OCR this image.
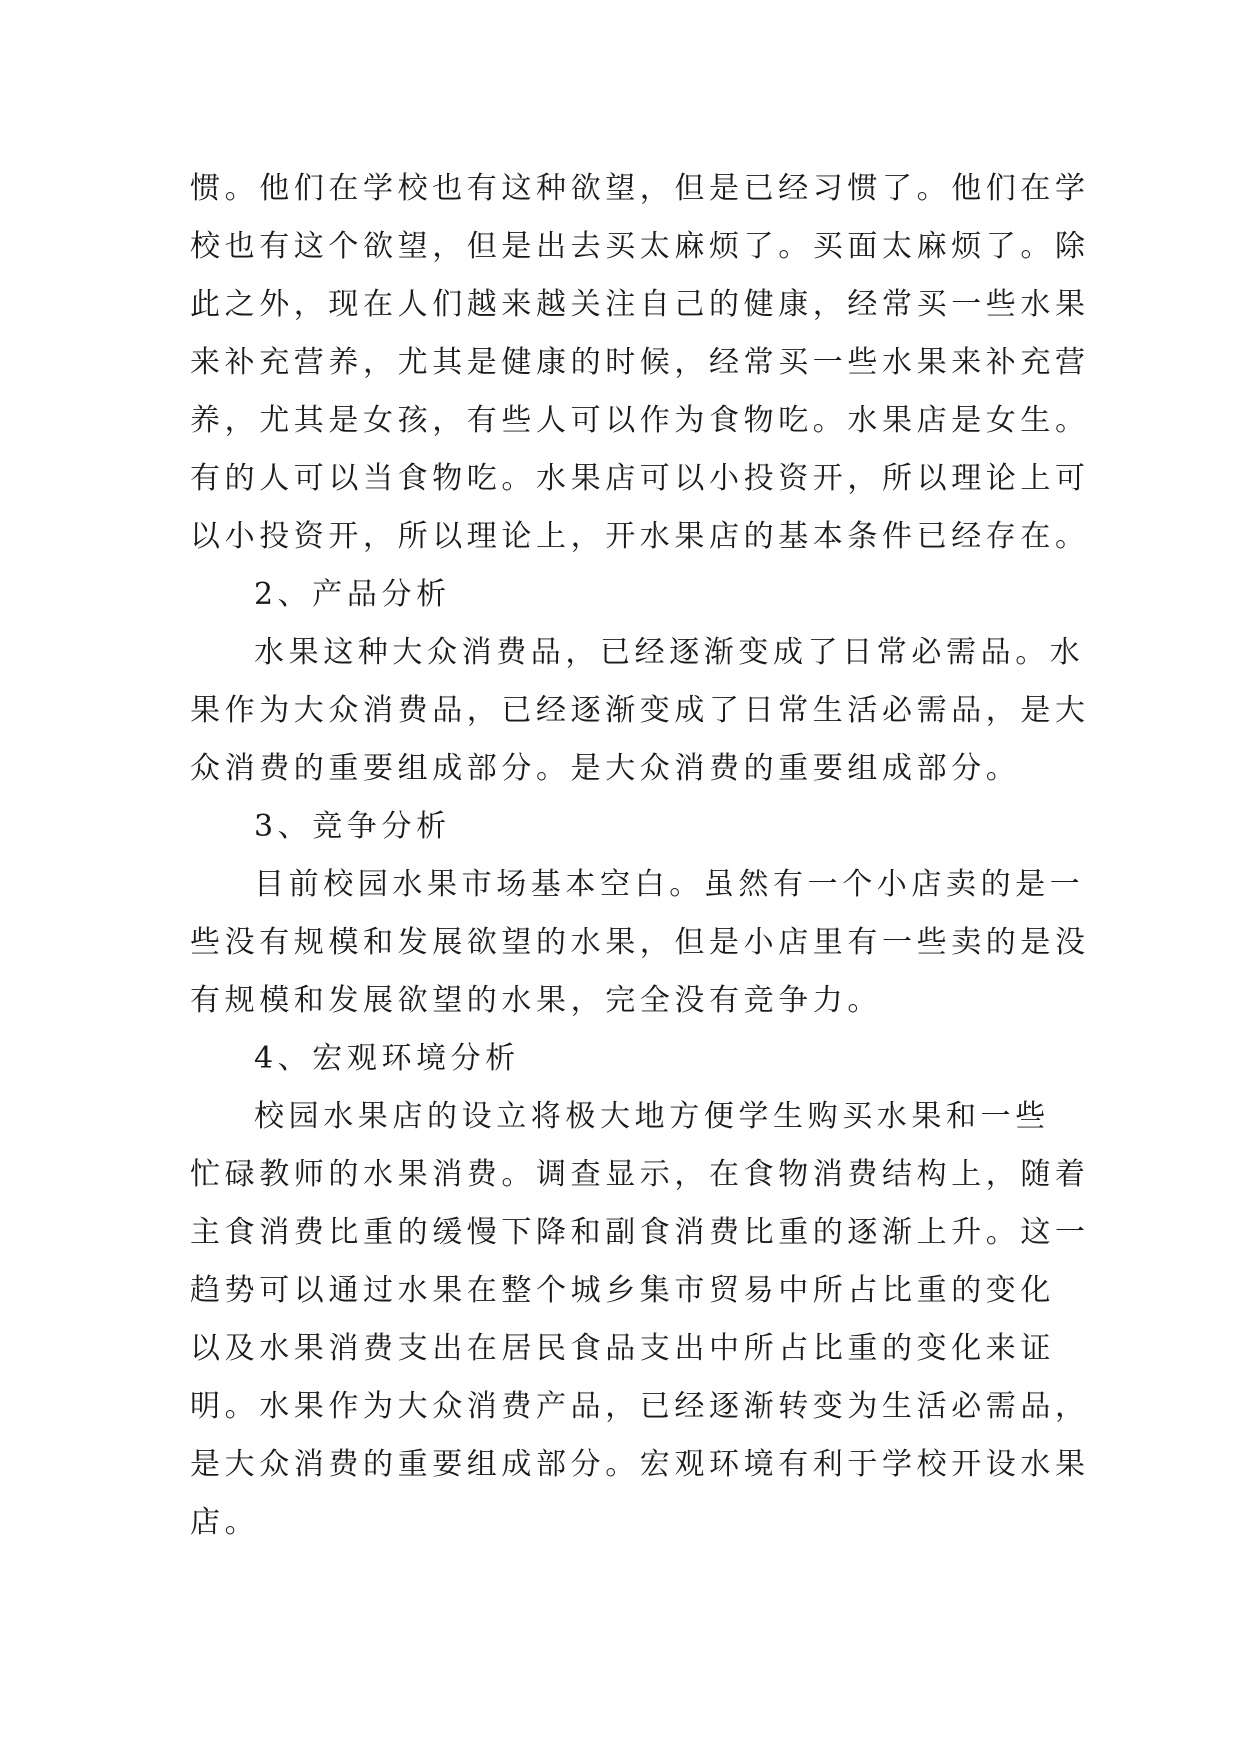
惯。他们在学校也有这种欲望，但是已经习惯了。他们在学
校也有这个欲望，但是出去买太麻烦了。买面太麻烦了。除
此之外，现在人们越来越关注自己的健康，经常买一些水果
来补充营养，尤其是健康的时候，经常买一些水果来补充营
养，尤其是女孩，有些人可以作为食物吃。水果店是女生。
有的人可以当食物吃。水果店可以小投资开，所以理论上可
以小投资开，所以理论上，开水果店的基本条件已经存在。
2、产品分析
水果这种大众消费品，已经逐渐变成了日常必需品。水
果作为大众消费品，已经逐渐变成了日常生活必需品，是大
众消费的重要组成部分。是大众消费的重要组成部分。
3、竞争分析
目前校园水果市场基本空白。虽然有一个小店卖的是一
些没有规模和发展欲望的水果，但是小店里有一些卖的是没
有规模和发展欲望的水果，完全没有竞争力。
4、宏观环境分析
校园水果店的设立将极大地方便学生购买水果和一些
忙碌教师的水果消费。调查显示，在食物消费结构上，随着
主食消费比重的缓慢下降和副食消费比重的逐渐上升。这一
趋势可以通过水果在整个城乡集市贸易中所占比重的变化
以及水果消费支出在居民食品支出中所占比重的变化来证
明。水果作为大众消费产品，已经逐渐转变为生活必需品，
是大众消费的重要组成部分。宏观环境有利于学校开设水果
店。
